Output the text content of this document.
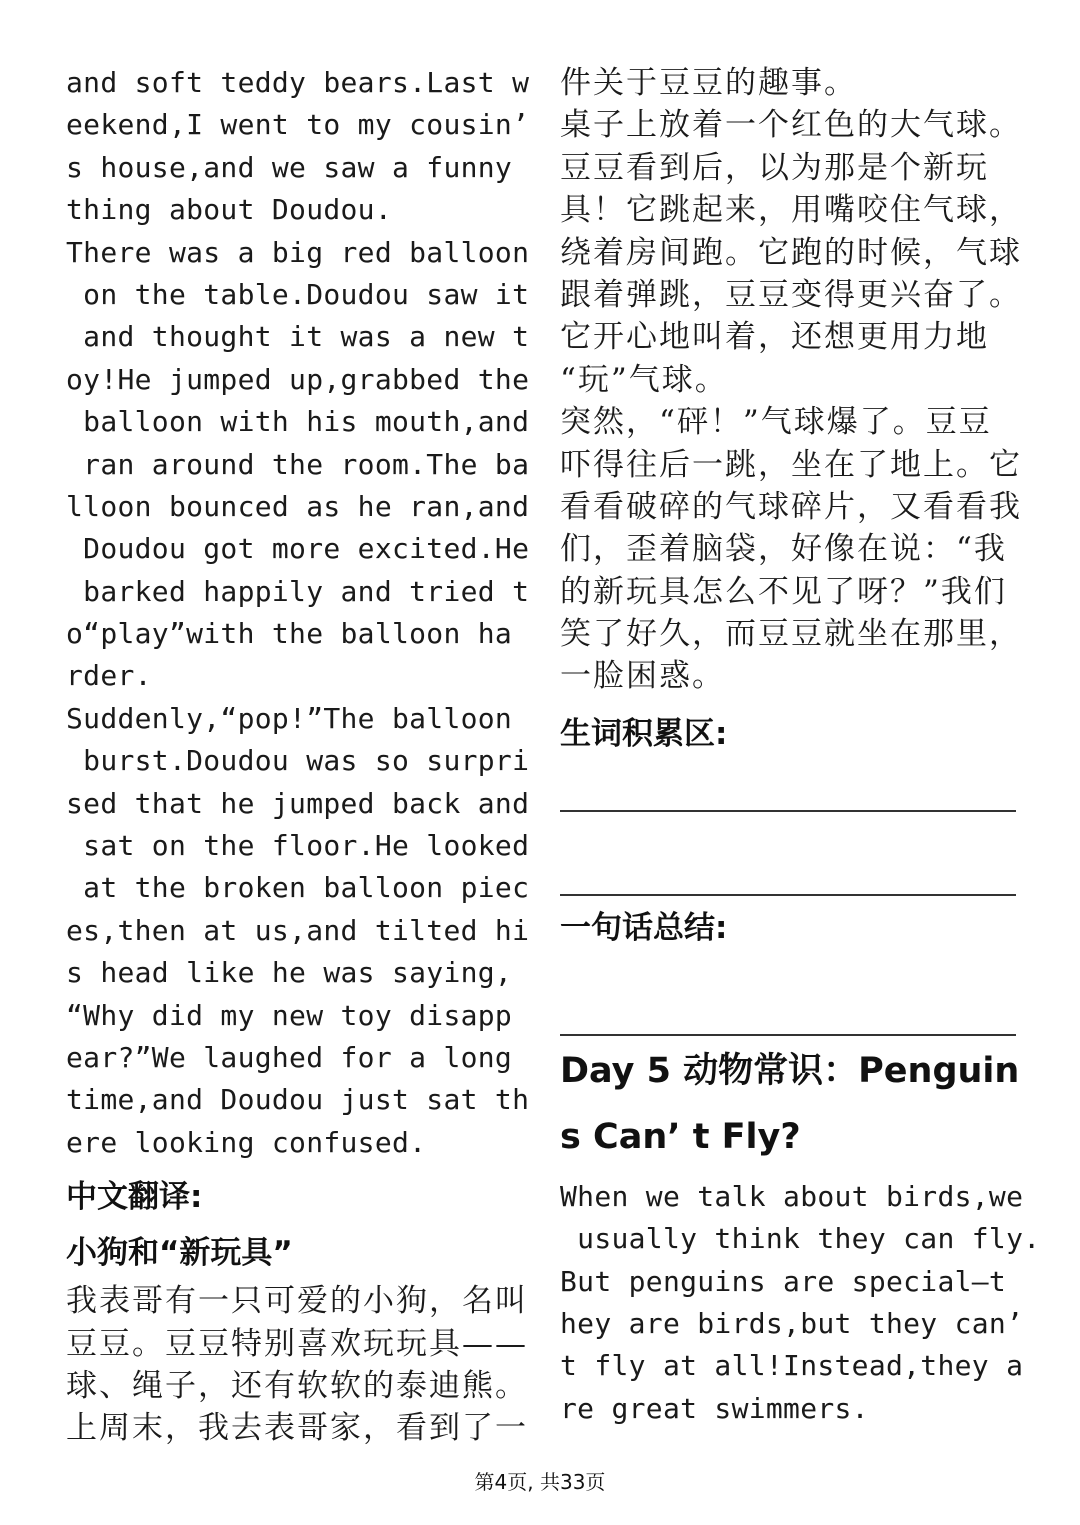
and soft teddy bears.Last w
eekend,I went to my cousin’
s house,and we saw a funny
thing about Doudou.
There was a big red balloon
on the table.Doudou saw it
and thought it was a new t
oy!He jumped up,grabbed the
balloon with his mouth,and
ran around the room.The ba
lloon bounced as he ran,and
Doudou got more excited.He
barked happily and tried t
o“play”with the balloon ha
rder.
Suddenly,“pop!”The balloon
burst.Doudou was so surpri
sed that he jumped back and
sat on the floor.He looked
at the broken balloon piec
es,then at us,and tilted hi
s head like he was saying,
“Why did my new toy disapp
ear?”We laughed for a long
time,and Doudou just sat th
ere looking confused.
中文翻译:
小狗和“新玩具”
我表哥有一只可爱的小狗，名叫
豆豆。豆豆特别喜欢玩玩具——
球、绳子，还有软软的泰迪熊。
上周末，我去表哥家，看到了一
件关于豆豆的趣事。
桌子上放着一个红色的大气球。
豆豆看到后，以为那是个新玩
具！它跳起来，用嘴咬住气球，
绕着房间跑。它跑的时候，气球
跟着弹跳，豆豆变得更兴奋了。
它开心地叫着，还想更用力地
“玩”气球。
突然，“砰！”气球爆了。豆豆
吓得往后一跳，坐在了地上。它
看看破碎的气球碎片，又看看我
们，歪着脑袋，好像在说：“我
的新玩具怎么不见了呀？”我们
笑了好久，而豆豆就坐在那里，
一脸困惑。
生词积累区:
一句话总结:
Day 5 动物常识：Penguin
s Can’ t Fly?
When we talk about birds,we
usually think they can fly.
But penguins are special—t
hey are birds,but they can’
t fly at all!Instead,they a
re great swimmers.
第4页, 共33页
